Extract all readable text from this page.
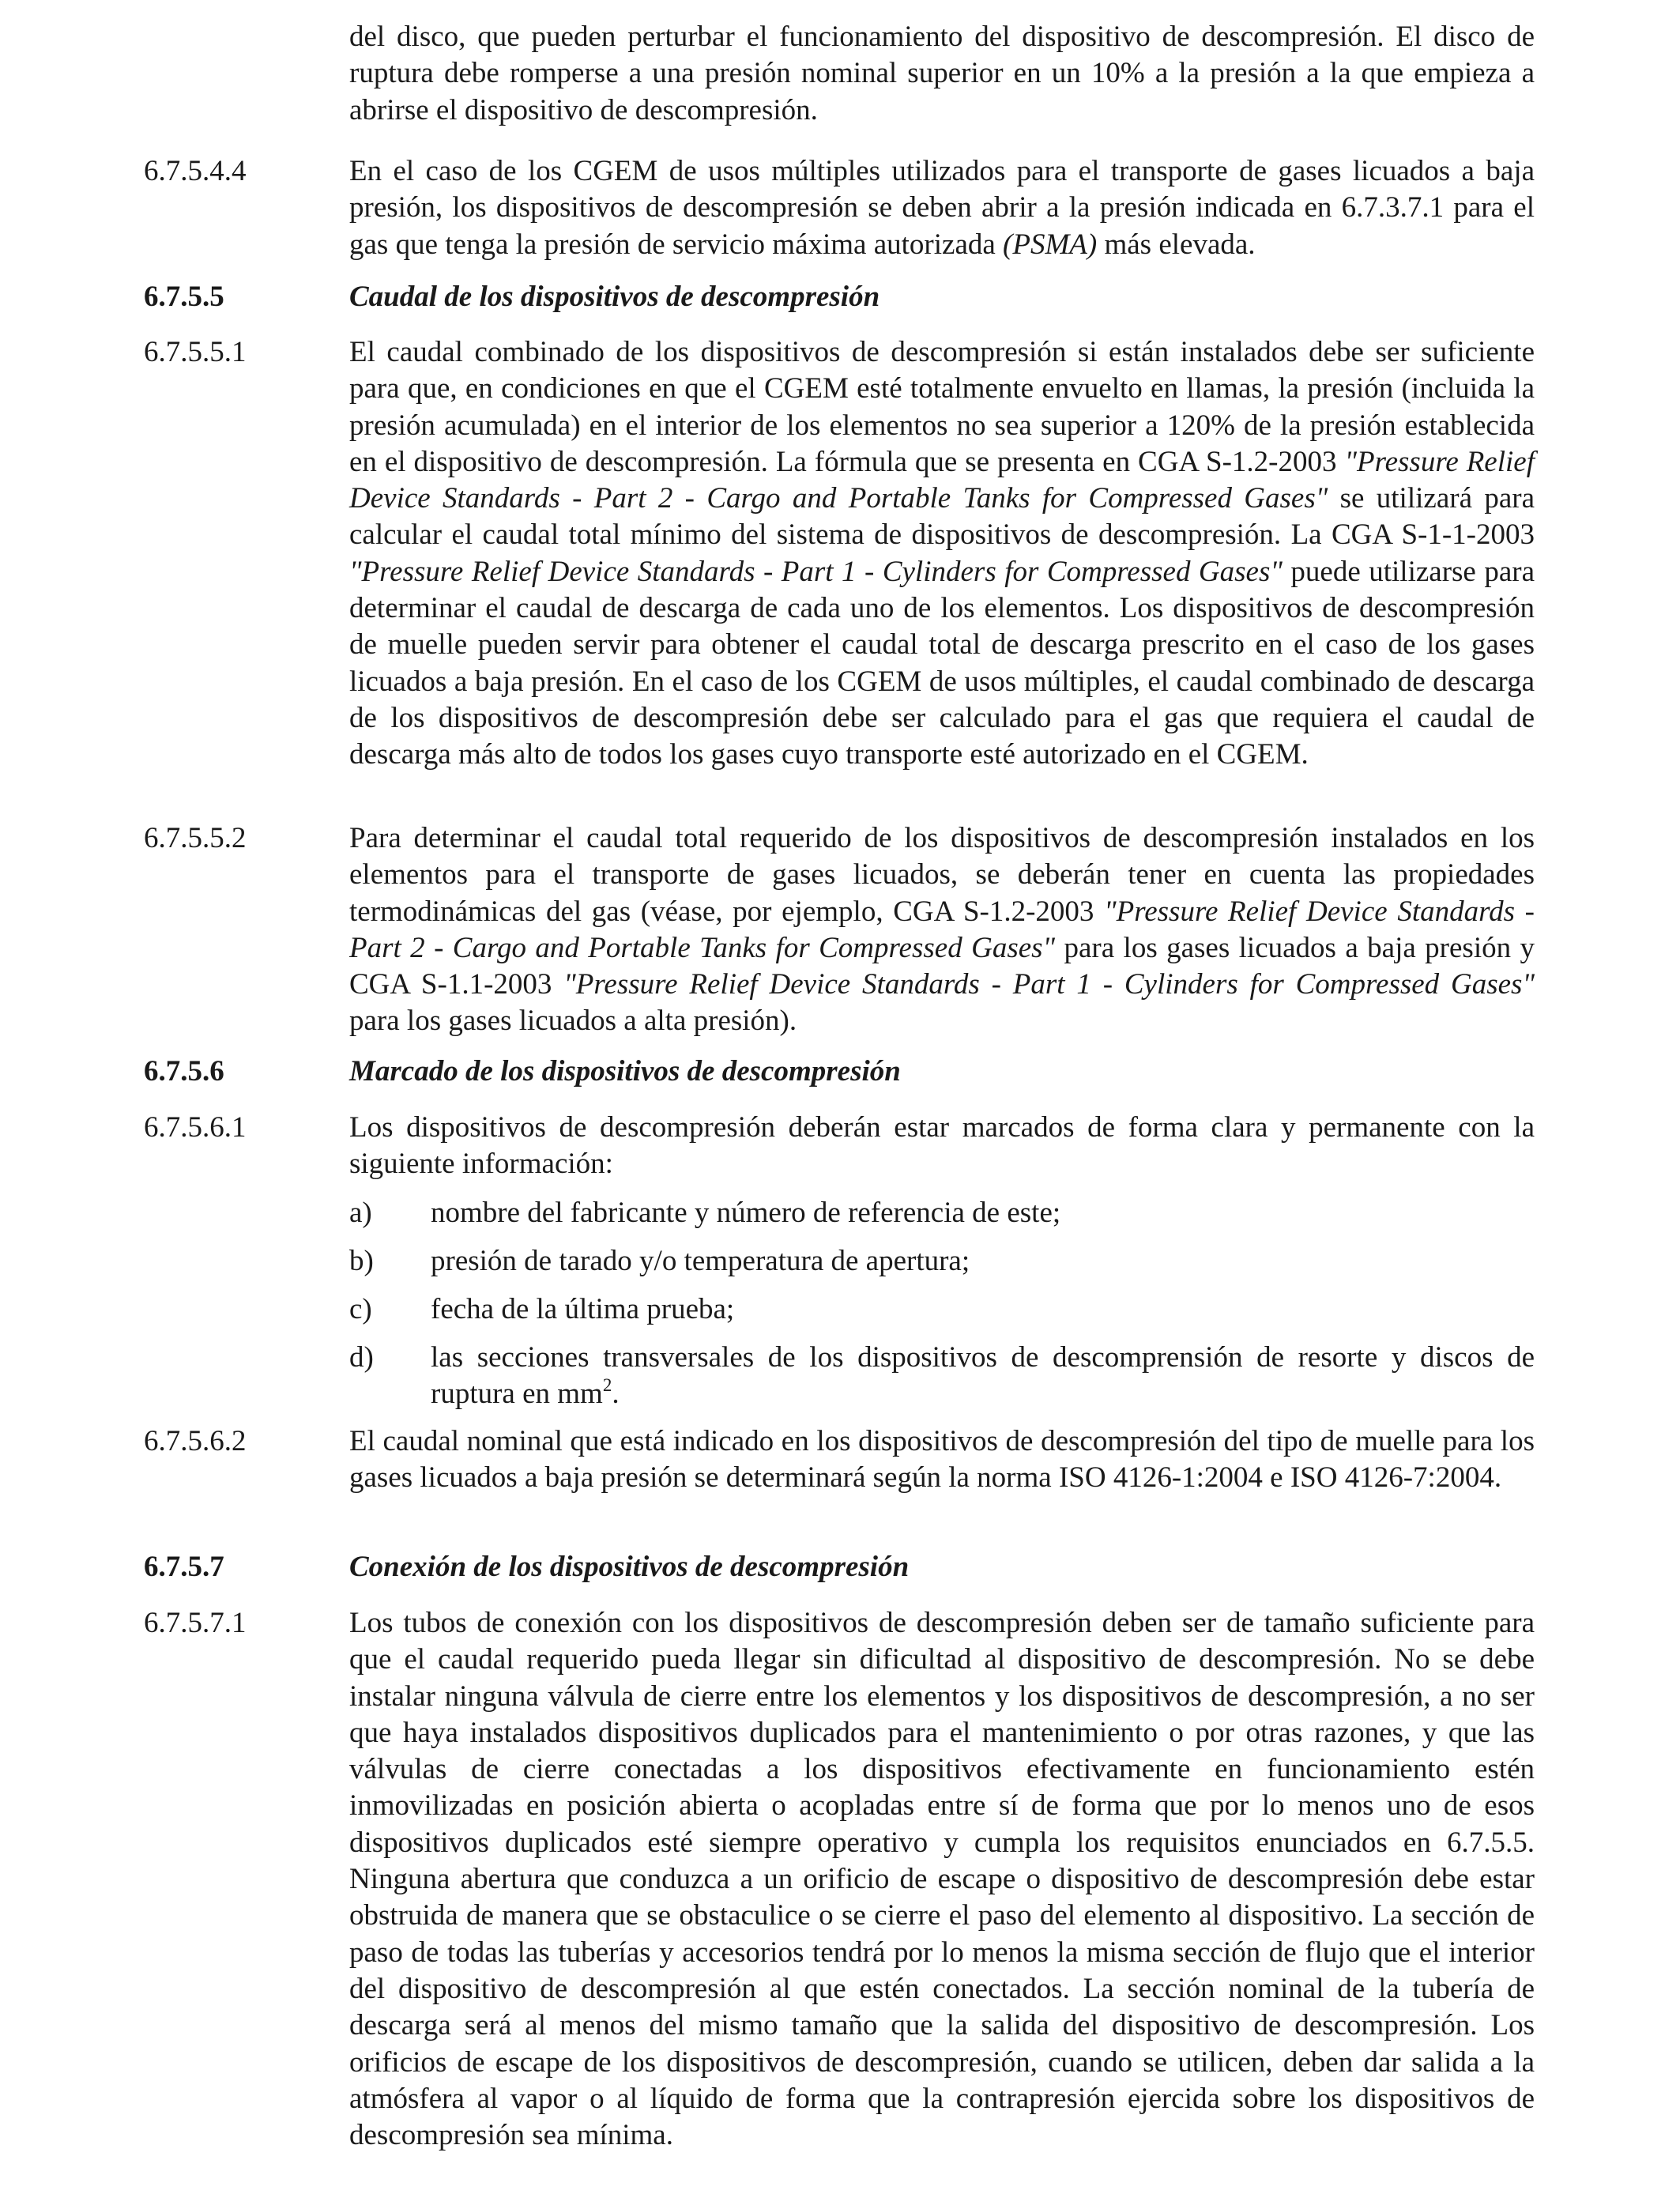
del disco, que pueden perturbar el funcionamiento del dispositivo de descompresión. El disco de ruptura debe romperse a una presión nominal superior en un 10% a la presión a la que empieza a abrirse el dispositivo de descompresión.
6.7.5.4.4	En el caso de los CGEM de usos múltiples utilizados para el transporte de gases licuados a baja presión, los dispositivos de descompresión se deben abrir a la presión indicada en 6.7.3.7.1 para el gas que tenga la presión de servicio máxima autorizada (PSMA) más elevada.
6.7.5.5	Caudal de los dispositivos de descompresión
6.7.5.5.1	El caudal combinado de los dispositivos de descompresión si están instalados debe ser suficiente para que, en condiciones en que el CGEM esté totalmente envuelto en llamas, la presión (incluida la presión acumulada) en el interior de los elementos no sea superior a 120% de la presión establecida en el dispositivo de descompresión. La fórmula que se presenta en CGA S-1.2-2003 "Pressure Relief Device Standards - Part 2 - Cargo and Portable Tanks for Compressed Gases" se utilizará para calcular el caudal total mínimo del sistema de dispositivos de descompresión. La CGA S-1-1-2003 "Pressure Relief Device Standards - Part 1 - Cylinders for Compressed Gases" puede utilizarse para determinar el caudal de descarga de cada uno de los elementos. Los dispositivos de descompresión de muelle pueden servir para obtener el caudal total de descarga prescrito en el caso de los gases licuados a baja presión. En el caso de los CGEM de usos múltiples, el caudal combinado de descarga de los dispositivos de descompresión debe ser calculado para el gas que requiera el caudal de descarga más alto de todos los gases cuyo transporte esté autorizado en el CGEM.
6.7.5.5.2	Para determinar el caudal total requerido de los dispositivos de descompresión instalados en los elementos para el transporte de gases licuados, se deberán tener en cuenta las propiedades termodinámicas del gas (véase, por ejemplo, CGA S-1.2-2003 "Pressure Relief Device Standards - Part 2 - Cargo and Portable Tanks for Compressed Gases" para los gases licuados a baja presión y CGA S-1.1-2003 "Pressure Relief Device Standards - Part 1 - Cylinders for Compressed Gases" para los gases licuados a alta presión).
6.7.5.6	Marcado de los dispositivos de descompresión
6.7.5.6.1	Los dispositivos de descompresión deberán estar marcados de forma clara y permanente con la siguiente información:
a) nombre del fabricante y número de referencia de este;
b) presión de tarado y/o temperatura de apertura;
c) fecha de la última prueba;
d) las secciones transversales de los dispositivos de descomprensión de resorte y discos de ruptura en $mm^2$.
6.7.5.6.2	El caudal nominal que está indicado en los dispositivos de descompresión del tipo de muelle para los gases licuados a baja presión se determinará según la norma ISO 4126-1:2004 e ISO 4126-7:2004.
6.7.5.7	Conexión de los dispositivos de descompresión
6.7.5.7.1	Los tubos de conexión con los dispositivos de descompresión deben ser de tamaño suficiente para que el caudal requerido pueda llegar sin dificultad al dispositivo de descompresión. No se debe instalar ninguna válvula de cierre entre los elementos y los dispositivos de descompresión, a no ser que haya instalados dispositivos duplicados para el mantenimiento o por otras razones, y que las válvulas de cierre conectadas a los dispositivos efectivamente en funcionamiento estén inmovilizadas en posición abierta o acopladas entre sí de forma que por lo menos uno de esos dispositivos duplicados esté siempre operativo y cumpla los requisitos enunciados en 6.7.5.5. Ninguna abertura que conduzca a un orificio de escape o dispositivo de descompresión debe estar obstruida de manera que se obstaculice o se cierre el paso del elemento al dispositivo. La sección de paso de todas las tuberías y accesorios tendrá por lo menos la misma sección de flujo que el interior del dispositivo de descompresión al que estén conectados. La sección nominal de la tubería de descarga será al menos del mismo tamaño que la salida del dispositivo de descompresión. Los orificios de escape de los dispositivos de descompresión, cuando se utilicen, deben dar salida a la atmósfera al vapor o al líquido de forma que la contrapresión ejercida sobre los dispositivos de descompresión sea mínima.
